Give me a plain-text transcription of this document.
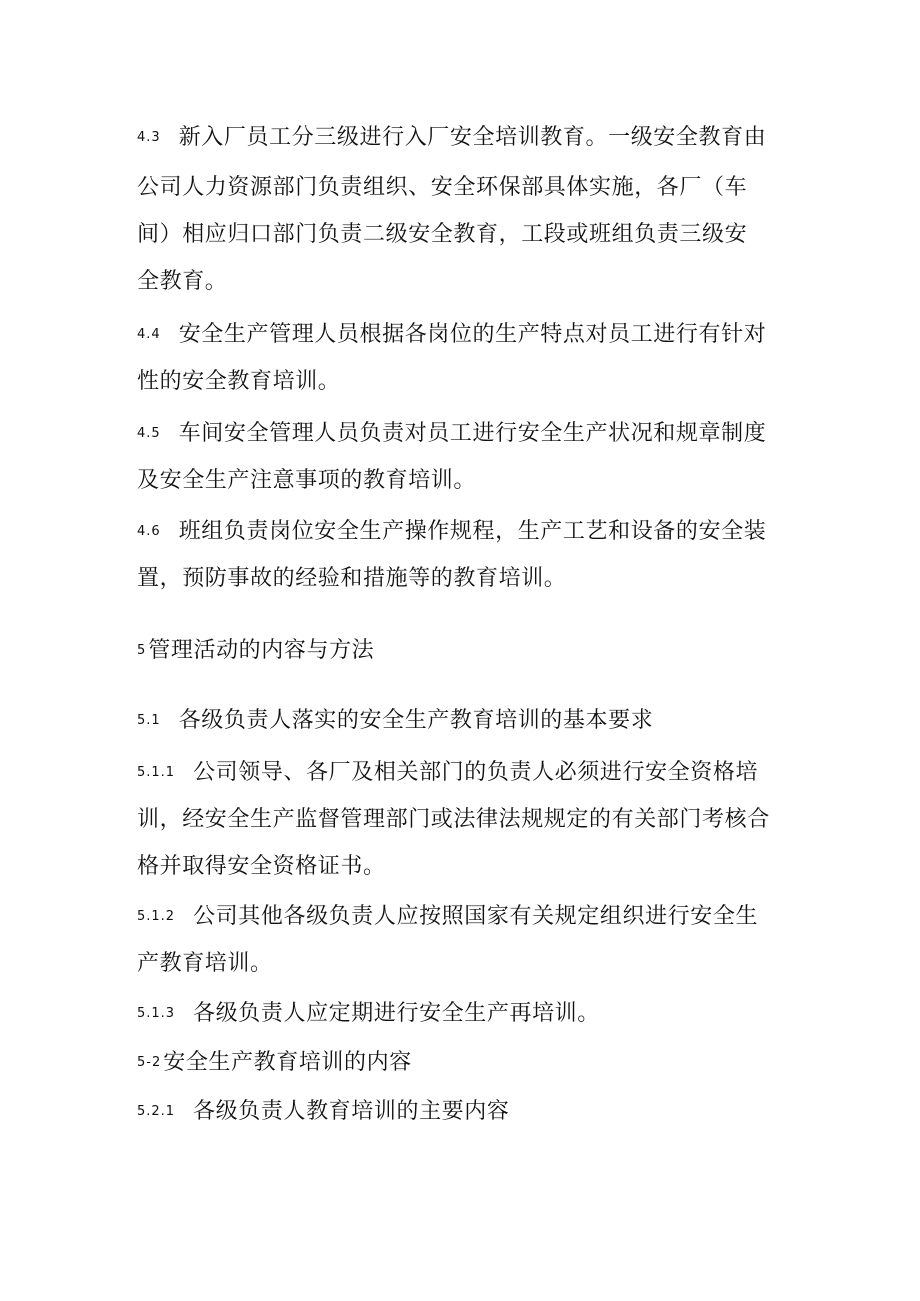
4.3 新入厂员工分三级进行入厂安全培训教育。一级安全教育由
公司人力资源部门负责组织、安全环保部具体实施，各厂（车
间）相应归口部门负责二级安全教育，工段或班组负责三级安
全教育。
4.4 安全生产管理人员根据各岗位的生产特点对员工进行有针对
性的安全教育培训。
4.5 车间安全管理人员负责对员工进行安全生产状况和规章制度
及安全生产注意事项的教育培训。
4.6 班组负责岗位安全生产操作规程，生产工艺和设备的安全装
置，预防事故的经验和措施等的教育培训。
5管理活动的内容与方法
5.1 各级负责人落实的安全生产教育培训的基本要求
5.1.1 公司领导、各厂及相关部门的负责人必须进行安全资格培
训，经安全生产监督管理部门或法律法规规定的有关部门考核合
格并取得安全资格证书。
5.1.2 公司其他各级负责人应按照国家有关规定组织进行安全生
产教育培训。
5.1.3 各级负责人应定期进行安全生产再培训。
5-2安全生产教育培训的内容
5.2.1 各级负责人教育培训的主要内容
